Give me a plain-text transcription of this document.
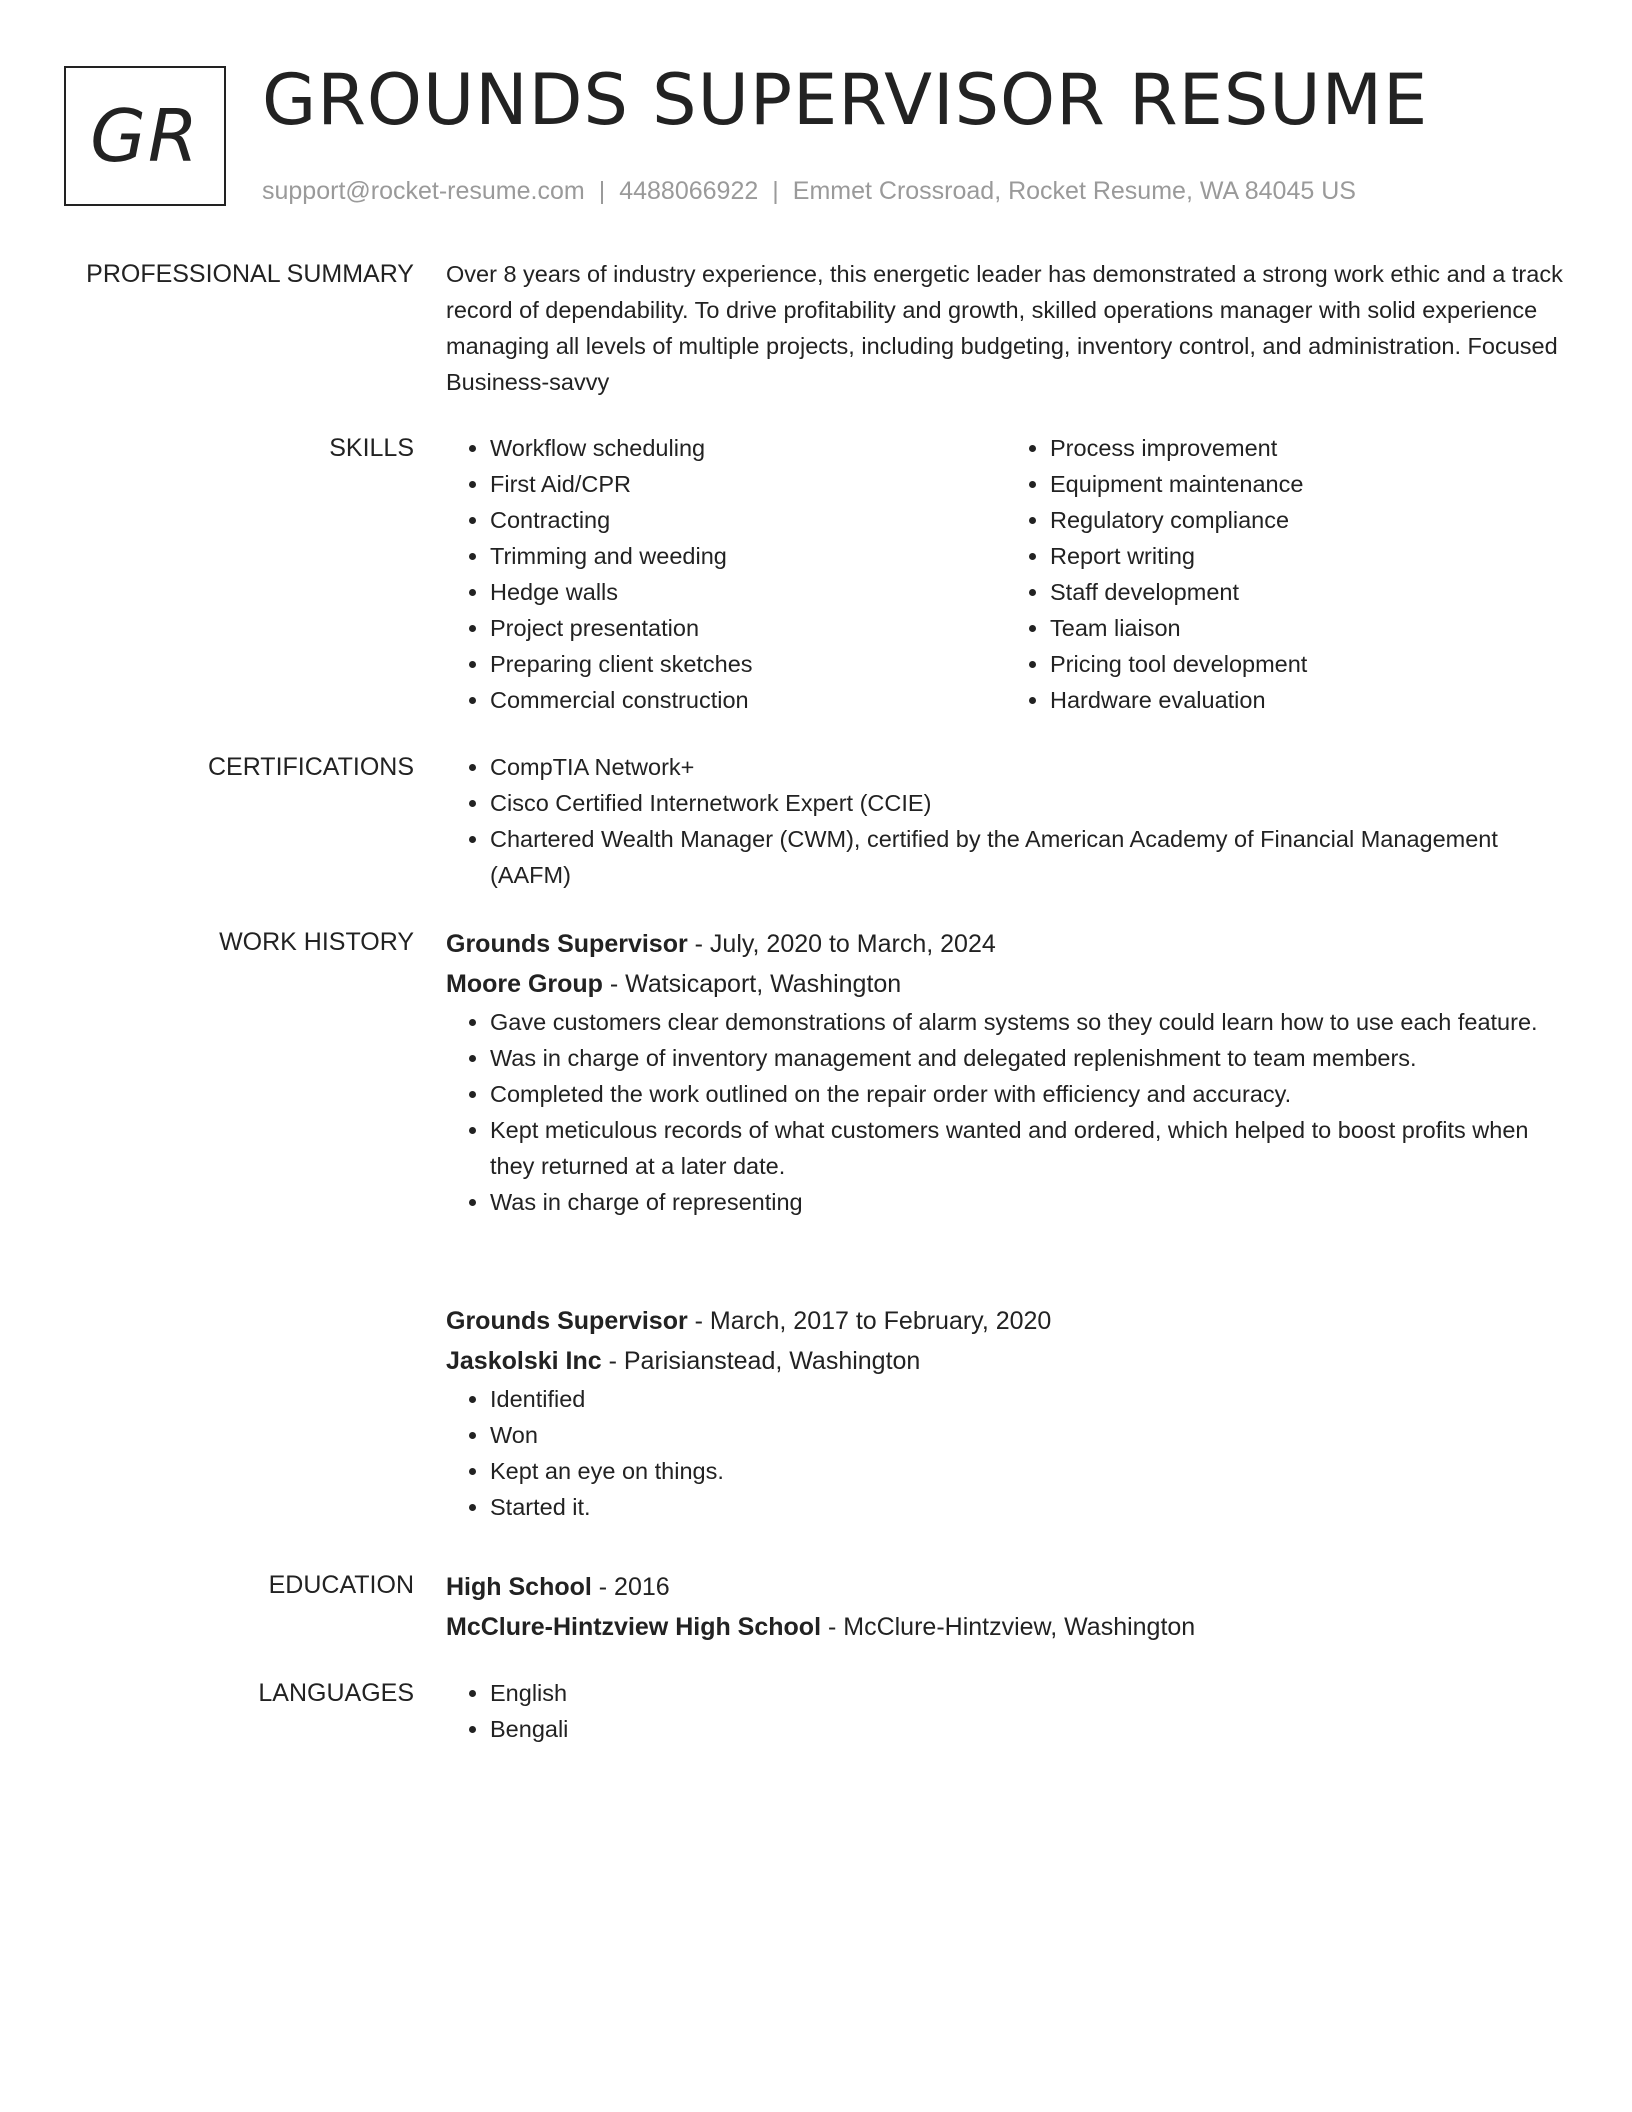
GR GROUNDS SUPERVISOR RESUME
support@rocket-resume.com | 4488066922 | Emmet Crossroad, Rocket Resume, WA 84045 US
PROFESSIONAL SUMMARY Over 8 years of industry experience, this energetic leader has demonstrated a strong work ethic and a track record of dependability. To drive profitability and growth, skilled operations manager with solid experience managing all levels of multiple projects, including budgeting, inventory control, and administration. Focused Business-savvy

SKILLS	• Workflow scheduling
• First Aid/CPR
• Contracting
• Trimming and weeding
• Hedge walls
• Project presentation
• Preparing client sketches
• Commercial construction
• Process improvement
• Equipment maintenance
• Regulatory compliance
• Report writing
• Staff development
• Team liaison
• Pricing tool development
• Hardware evaluation
CERTIFICATIONS	• CompTIA Network+
• Cisco Certified Internetwork Expert (CCIE)
• Chartered Wealth Manager (CWM), certified by the American Academy of Financial Management (AAFM)
WORK HISTORY Grounds Supervisor - July, 2020 to March, 2024
Moore Group - Watsicaport, Washington
• Gave customers clear demonstrations of alarm systems so they could learn how to use each feature.
• Was in charge of inventory management and delegated replenishment to team members.
• Completed the work outlined on the repair order with efficiency and accuracy.
• Kept meticulous records of what customers wanted and ordered, which helped to boost profits when they returned at a later date.
• Was in charge of representing
Grounds Supervisor - March, 2017 to February, 2020
Jaskolski Inc - Parisianstead, Washington
• Identified
• Won
• Kept an eye on things.
• Started it.
EDUCATION High School - 2016
McClure-Hintzview High School - McClure-Hintzview, Washington
LANGUAGES	• English
• Bengali
